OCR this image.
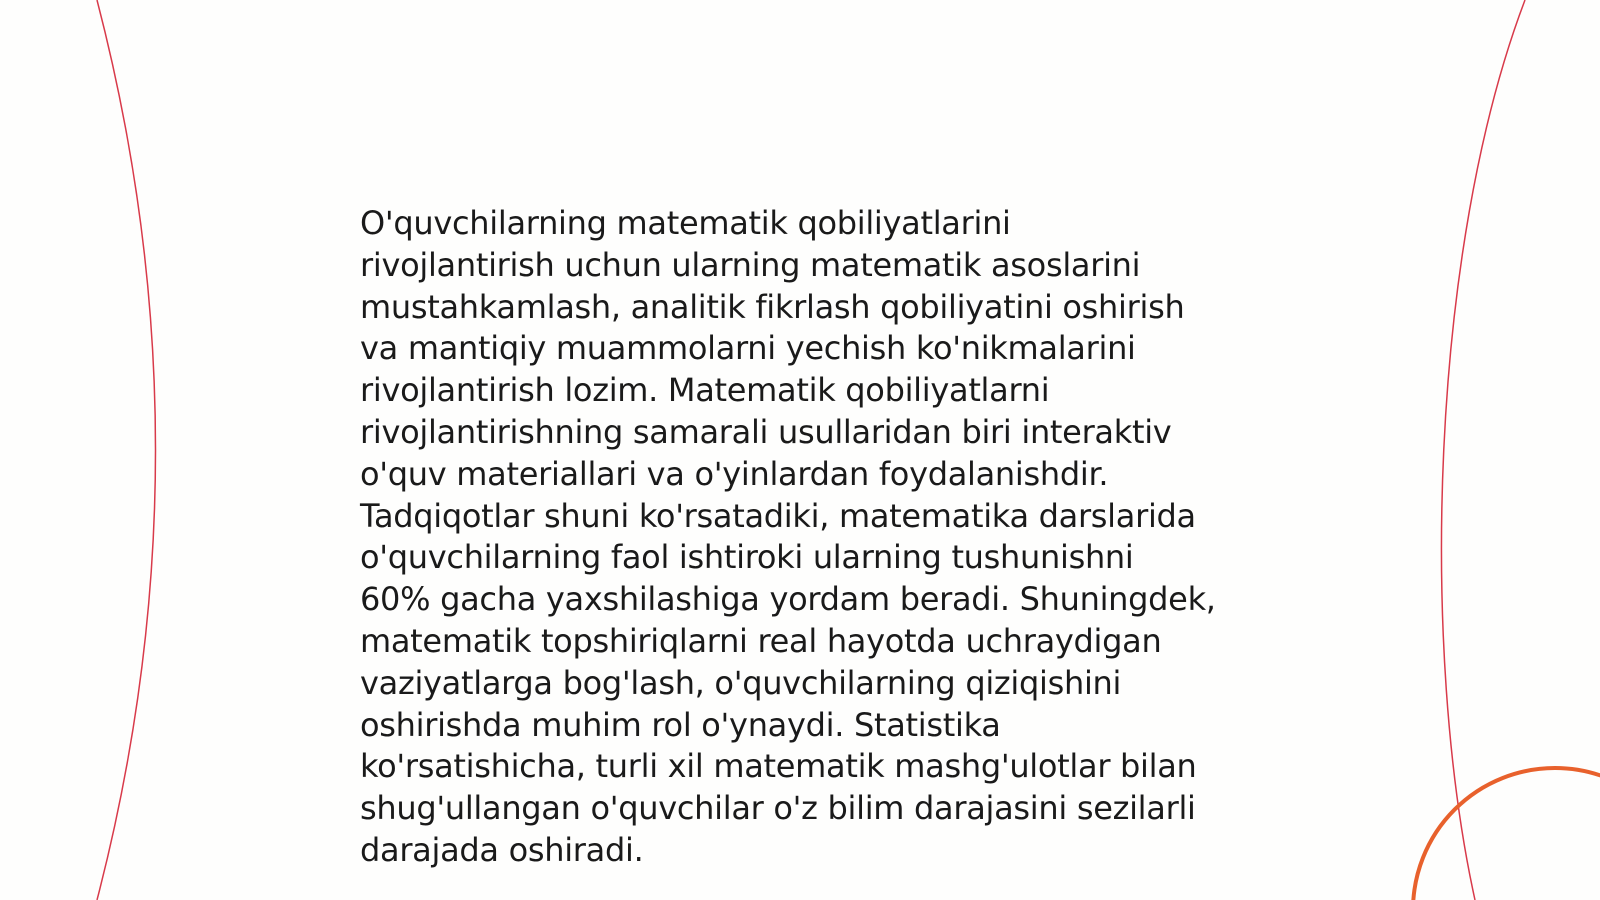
O'quvchilarning matematik qobiliyatlarini
rivojlantirish uchun ularning matematik asoslarini
mustahkamlash, analitik fikrlash qobiliyatini oshirish
va mantiqiy muammolarni yechish ko'nikmalarini
rivojlantirish lozim. Matematik qobiliyatlarni
rivojlantirishning samarali usullaridan biri interaktiv
o'quv materiallari va o'yinlardan foydalanishdir.
Tadqiqotlar shuni ko'rsatadiki, matematika darslarida
o'quvchilarning faol ishtiroki ularning tushunishni
60% gacha yaxshilashiga yordam beradi. Shuningdek,
matematik topshiriqlarni real hayotda uchraydigan
vaziyatlarga bog'lash, o'quvchilarning qiziqishini
oshirishda muhim rol o'ynaydi. Statistika
ko'rsatishicha, turli xil matematik mashg'ulotlar bilan
shug'ullangan o'quvchilar o'z bilim darajasini sezilarli
darajada oshiradi.
